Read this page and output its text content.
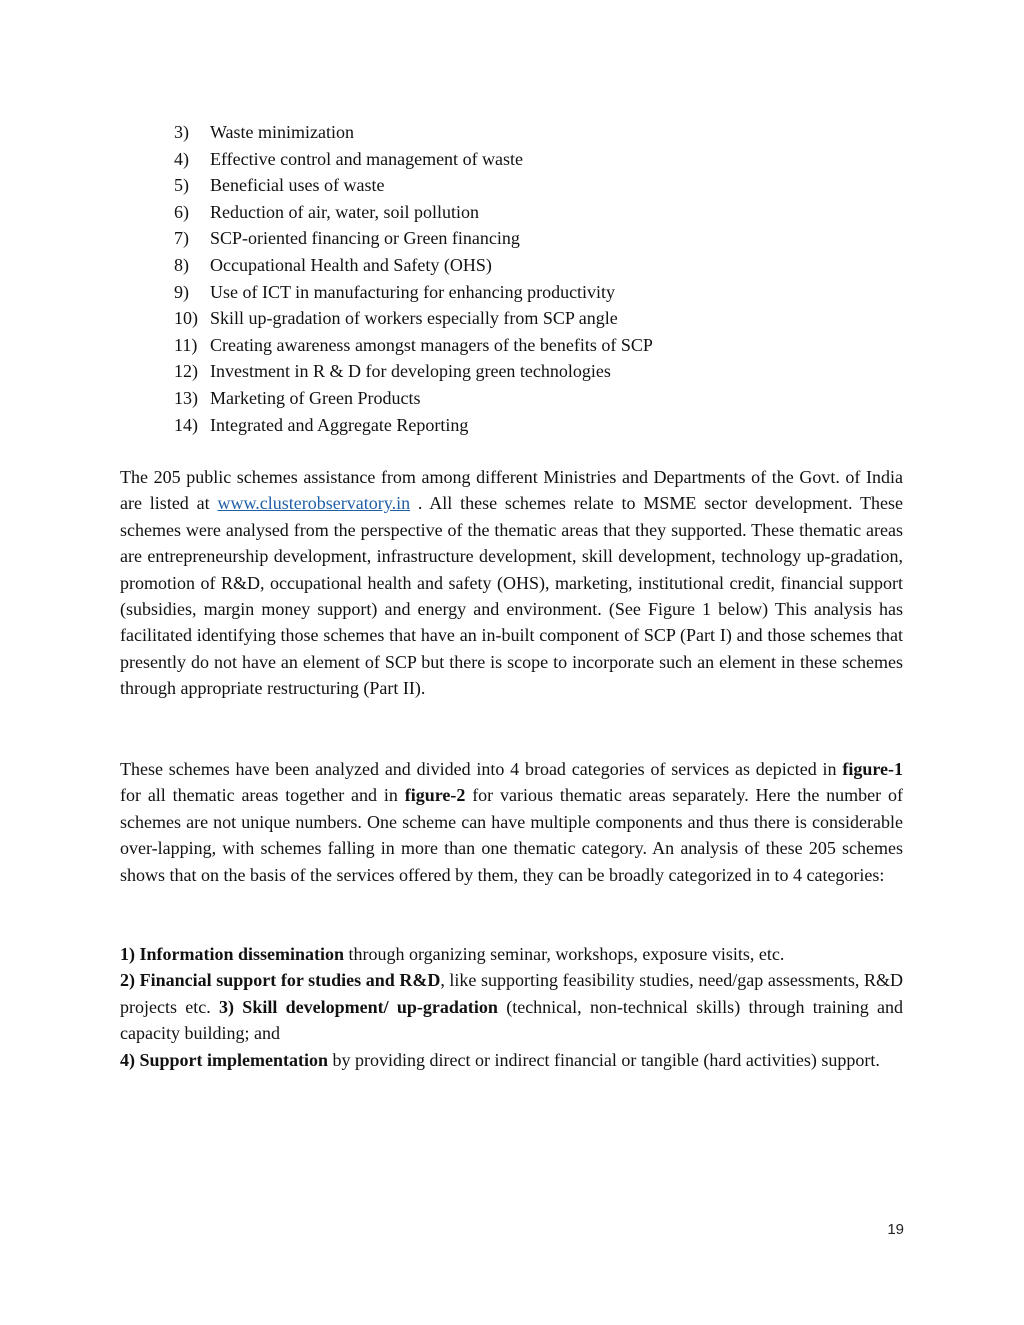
3) Waste minimization
4) Effective control and management of waste
5) Beneficial uses of waste
6) Reduction of air, water, soil pollution
7) SCP-oriented financing or Green financing
8) Occupational Health and Safety (OHS)
9) Use of ICT in manufacturing for enhancing productivity
10) Skill up-gradation of workers especially from SCP angle
11) Creating awareness amongst managers of the benefits of SCP
12) Investment in R & D for developing green technologies
13) Marketing of Green Products
14) Integrated and Aggregate Reporting

The 205 public schemes assistance from among different Ministries and Departments of the Govt. of India are listed at www.clusterobservatory.in . All these schemes relate to MSME sector development. These schemes were analysed from the perspective of the thematic areas that they supported. These thematic areas are entrepreneurship development, infrastructure development, skill development, technology up-gradation, promotion of R&D, occupational health and safety (OHS), marketing, institutional credit, financial support (subsidies, margin money support) and energy and environment. (See Figure 1 below) This analysis has facilitated identifying those schemes that have an in-built component of SCP (Part I) and those schemes that presently do not have an element of SCP but there is scope to incorporate such an element in these schemes through appropriate restructuring (Part II).

These schemes have been analyzed and divided into 4 broad categories of services as depicted in figure-1 for all thematic areas together and in figure-2 for various thematic areas separately. Here the number of schemes are not unique numbers. One scheme can have multiple components and thus there is considerable over-lapping, with schemes falling in more than one thematic category. An analysis of these 205 schemes shows that on the basis of the services offered by them, they can be broadly categorized in to 4 categories:

1) Information dissemination through organizing seminar, workshops, exposure visits, etc.
2) Financial support for studies and R&D, like supporting feasibility studies, need/gap assessments, R&D projects etc. 3) Skill development/ up-gradation (technical, non-technical skills) through training and capacity building; and
4) Support implementation by providing direct or indirect financial or tangible (hard activities) support.

19
